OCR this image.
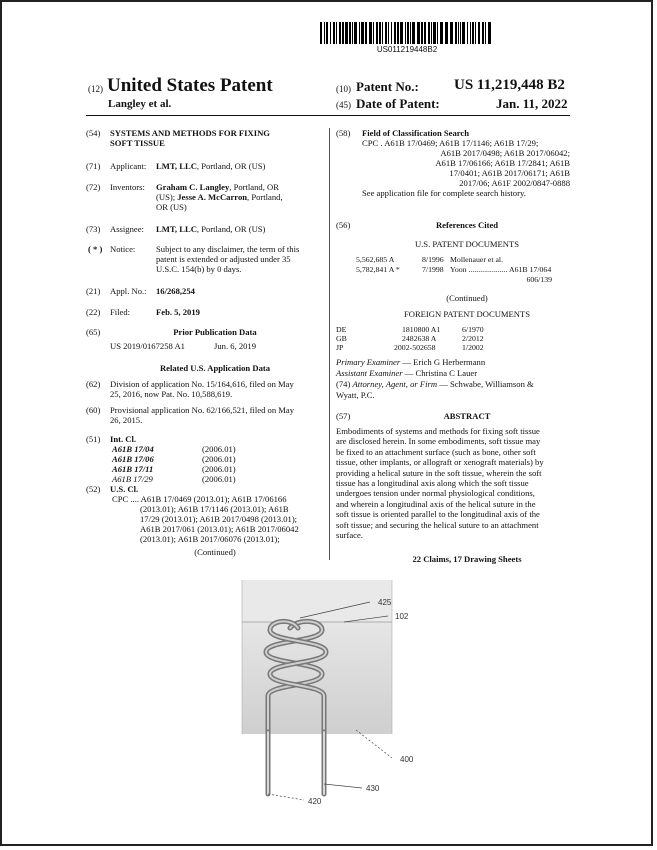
US011219448B2
(12) United States Patent
Langley et al.
(10) Patent No.: US 11,219,448 B2
(45) Date of Patent:	Jan. 11, 2022
(54) SYSTEMS AND METHODS FOR FIXING
SOFT TISSUE
(71) Applicant: LMT, LLC, Portland, OR (US)
(72) Inventors: Graham C. Langley, Portland, OR
(US); Jesse A. McCarron, Portland,
OR (US)
(73) Assignee: LMT, LLC, Portland, OR (US)
( * ) Notice: Subject to any disclaimer, the term of this
patent is extended or adjusted under 35
U.S.C. 154(b) by 0 days.
(21) Appl. No.: 16/268,254
(22) Filed:	Feb. 5, 2019
(65)	Prior Publication Data
US 2019/0167258 A1	Jun. 6, 2019
Related U.S. Application Data
(62) Division of application No. 15/164,616, filed on May
25, 2016, now Pat. No. 10,588,619.
(60) Provisional application No. 62/166,521, filed on May
26, 2015.
(51) Int. Cl.
A61B 17/04	(2006.01)
A61B 17/06	(2006.01)
A61B 17/11	(2006.01)
A61B 17/29	(2006.01)
(52) U.S. Cl.
CPC .... A61B 17/0469 (2013.01); A61B 17/06166
(2013.01); A61B 17/1146 (2013.01); A61B
17/29 (2013.01); A61B 2017/0498 (2013.01);
A61B 2017/061 (2013.01); A61B 2017/06042
(2013.01); A61B 2017/06076 (2013.01);
(Continued)
(58) Field of Classification Search
CPC . A61B 17/0469; A61B 17/1146; A61B 17/29;
A61B 2017/0498; A61B 2017/06042;
A61B 17/06166; A61B 17/2841; A61B
17/0401; A61B 2017/06171; A61B
2017/06; A61F 2002/0847-0888
See application file for complete search history.
(56)	References Cited
U.S. PATENT DOCUMENTS
5,562,685 A	8/1996 Mollenauer et al.
5,782,841 A *	7/1998 Yoon .................... A61B 17/064
606/139
(Continued)
FOREIGN PATENT DOCUMENTS
DE	1810800 A1	6/1970
GB	2482638 A	2/2012
JP	2002-502658	1/2002
Primary Examiner — Erich G Herbermann
Assistant Examiner — Christina C Lauer
(74) Attorney, Agent, or Firm — Schwabe, Williamson &
Wyatt, P.C.
(57)	ABSTRACT
Embodiments of systems and methods for fixing soft tissue
are disclosed herein. In some embodiments, soft tissue may
be fixed to an attachment surface (such as bone, other soft
tissue, other implants, or allograft or xenograft materials) by
providing a helical suture in the soft tissue, wherein the soft
tissue has a longitudinal axis along which the soft tissue
undergoes tension under normal physiological conditions,
and wherein a longitudinal axis of the helical suture in the
soft tissue is oriented parallel to the longitudinal axis of the
soft tissue; and securing the helical suture to an attachment
surface.
22 Claims, 17 Drawing Sheets
425
102
400
430
420
